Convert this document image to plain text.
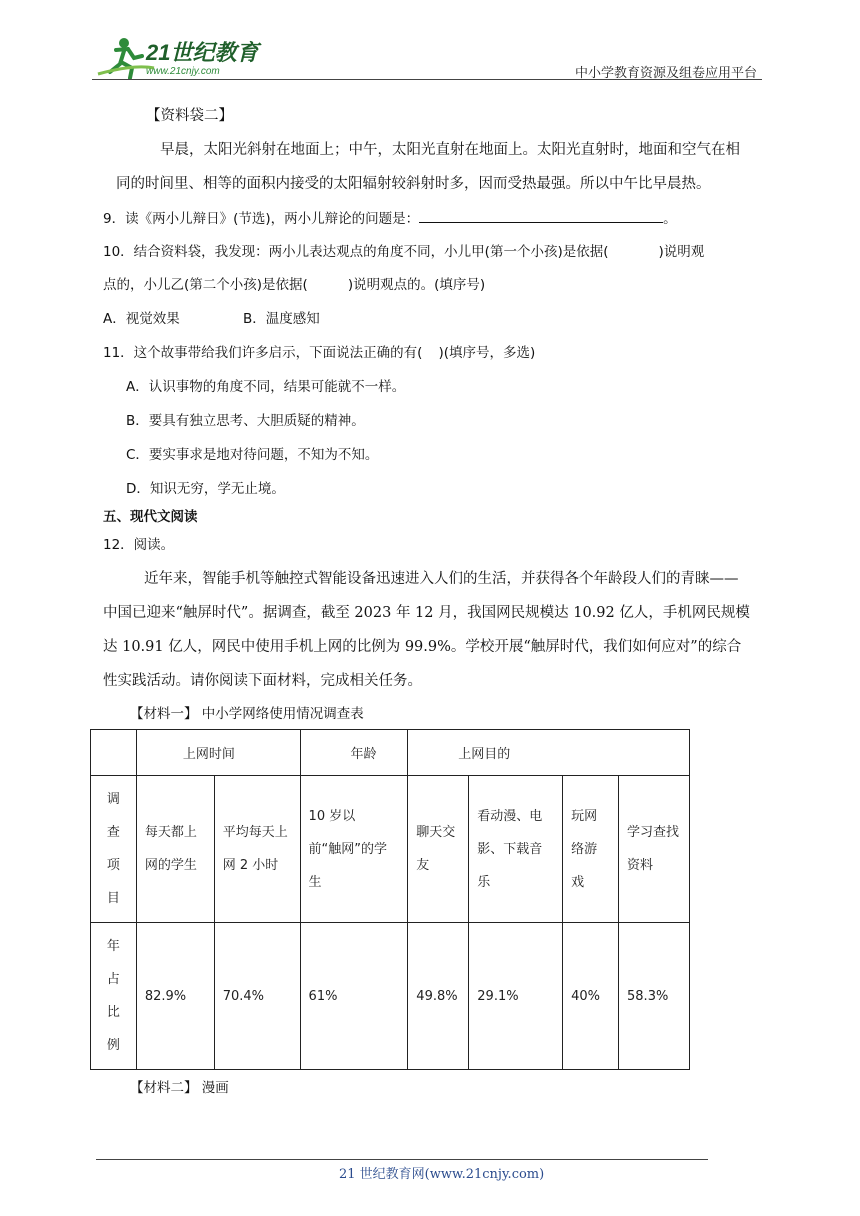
21世纪教育
www.21cnjy.com	中小学教育资源及组卷应用平台
【资料袋二】
早晨，太阳光斜射在地面上；中午，太阳光直射在地面上。太阳光直射时，地面和空气在相
同的时间里、相等的面积内接受的太阳辐射较斜射时多，因而受热最强。所以中午比早晨热。
9．读《两小儿辩日》(节选)，两小儿辩论的问题是：	。
10．结合资料袋，我发现：两小儿表达观点的角度不同，小儿甲(第一个小孩)是依据(	)说明观
点的，小儿乙(第二个小孩)是依据(	)说明观点的。(填序号)
A．视觉效果	B．温度感知
11．这个故事带给我们许多启示，下面说法正确的有( )(填序号，多选)
A．认识事物的角度不同，结果可能就不一样。
B．要具有独立思考、大胆质疑的精神。
C．要实事求是地对待问题，不知为不知。
D．知识无穷，学无止境。
五、现代文阅读
12．阅读。
近年来，智能手机等触控式智能设备迅速进入人们的生活，并获得各个年龄段人们的青睐——
中国已迎来“触屏时代”。据调查，截至 2023 年 12 月，我国网民规模达 10.92 亿人，手机网民规模
达 10.91 亿人，网民中使用手机上网的比例为 99.9%。学校开展“触屏时代，我们如何应对”的综合
性实践活动。请你阅读下面材料，完成相关任务。
【材料一】 中小学网络使用情况调查表
	上网时间		年龄	上网目的			

调
查
项
目	每天都上网的学生	平均每天上网 2 小时	10 岁以前“触网”的学生	聊天交友	看动漫、电影、下载音乐	玩网络游戏	学习查找资料

年
占
比
例	82.9%	70.4%	61%	49.8%	29.1%	40%	58.3%
【材料二】 漫画
21 世纪教育网(www.21cnjy.com)
